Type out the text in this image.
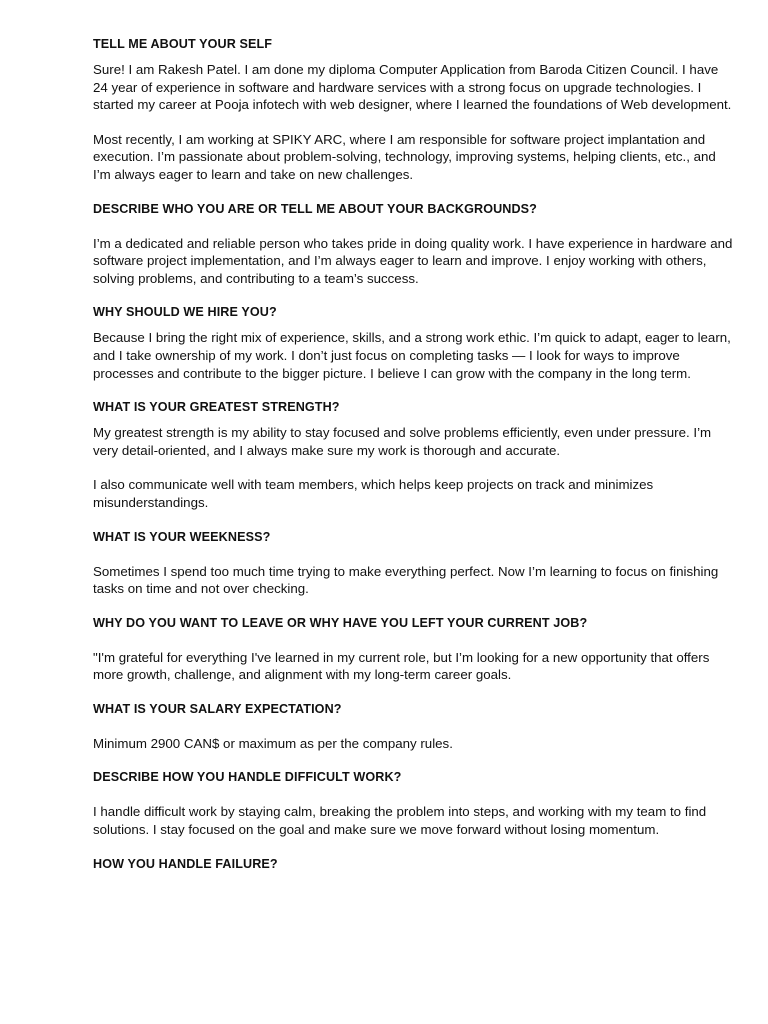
TELL ME ABOUT YOUR SELF

Sure! I am Rakesh Patel. I am done my diploma Computer Application from Baroda Citizen Council. I have 24 year of experience in software and hardware services with a strong focus on upgrade technologies. I started my career at Pooja infotech with web designer, where I learned the foundations of Web development.

Most recently, I am working at SPIKY ARC, where I am responsible for software project implantation and execution. I’m passionate about problem-solving, technology, improving systems, helping clients, etc., and I’m always eager to learn and take on new challenges.

DESCRIBE WHO YOU ARE OR TELL ME ABOUT YOUR BACKGROUNDS?

I’m a dedicated and reliable person who takes pride in doing quality work. I have experience in hardware and software project implementation, and I’m always eager to learn and improve. I enjoy working with others, solving problems, and contributing to a team’s success.

WHY SHOULD WE HIRE YOU?

Because I bring the right mix of experience, skills, and a strong work ethic. I’m quick to adapt, eager to learn, and I take ownership of my work. I don’t just focus on completing tasks — I look for ways to improve processes and contribute to the bigger picture. I believe I can grow with the company in the long term.

WHAT IS YOUR GREATEST STRENGTH?

My greatest strength is my ability to stay focused and solve problems efficiently, even under pressure. I’m very detail-oriented, and I always make sure my work is thorough and accurate.

I also communicate well with team members, which helps keep projects on track and minimizes misunderstandings.

WHAT IS YOUR WEEKNESS?

Sometimes I spend too much time trying to make everything perfect. Now I’m learning to focus on finishing tasks on time and not over checking.

WHY DO YOU WANT TO LEAVE OR WHY HAVE YOU LEFT YOUR CURRENT JOB?

"I'm grateful for everything I've learned in my current role, but I’m looking for a new opportunity that offers more growth, challenge, and alignment with my long-term career goals.

WHAT IS YOUR SALARY EXPECTATION?

Minimum 2900 CAN$ or maximum as per the company rules.

DESCRIBE HOW YOU HANDLE DIFFICULT WORK?

I handle difficult work by staying calm, breaking the problem into steps, and working with my team to find solutions. I stay focused on the goal and make sure we move forward without losing momentum.

HOW YOU HANDLE FAILURE?
